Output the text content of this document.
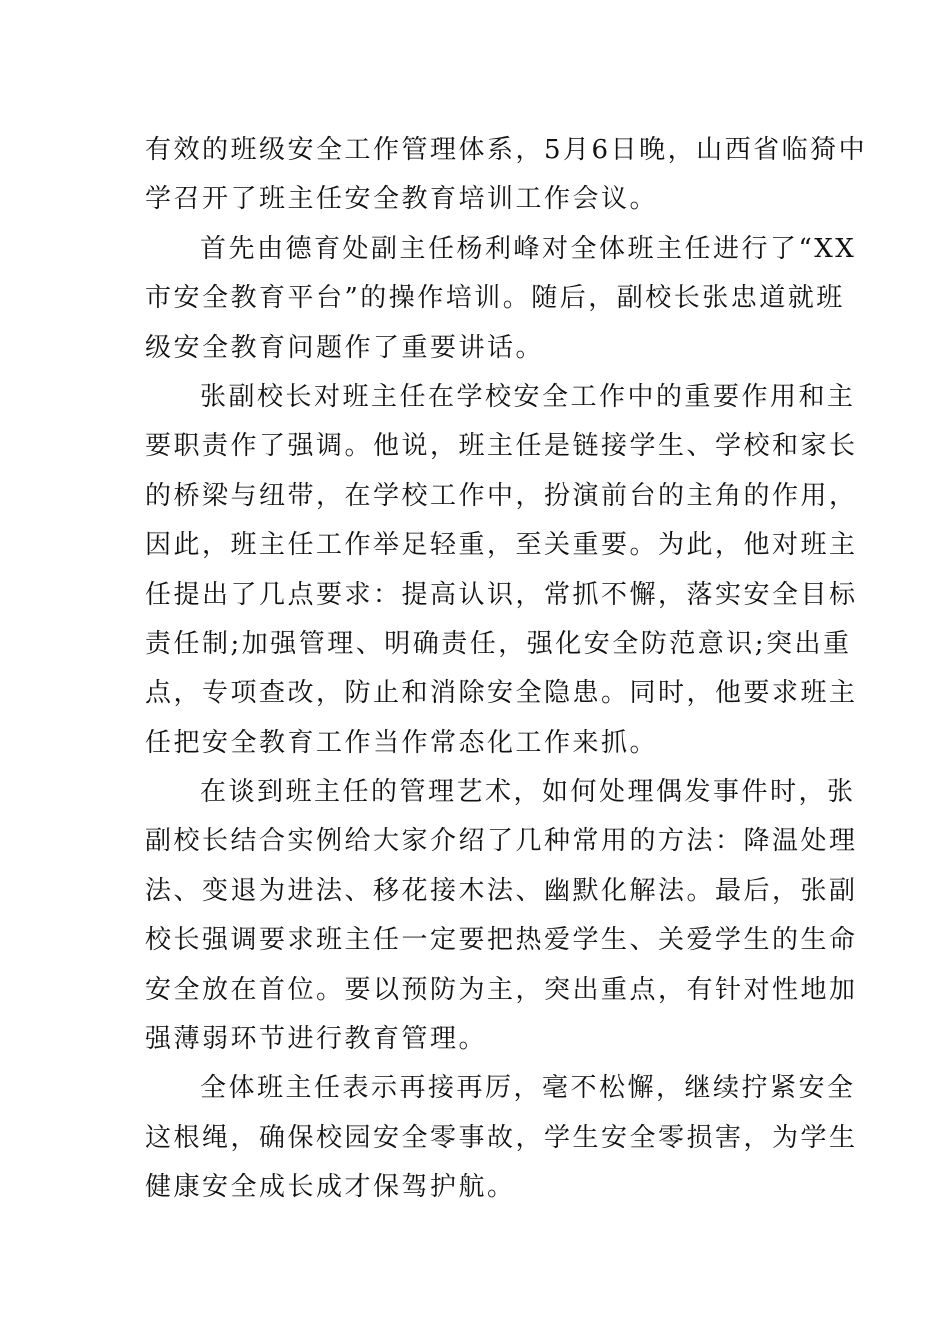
有效的班级安全工作管理体系，5月6日晚，山西省临猗中
学召开了班主任安全教育培训工作会议。
首先由德育处副主任杨利峰对全体班主任进行了“XX
市安全教育平台”的操作培训。随后，副校长张忠道就班
级安全教育问题作了重要讲话。
张副校长对班主任在学校安全工作中的重要作用和主
要职责作了强调。他说，班主任是链接学生、学校和家长
的桥梁与纽带，在学校工作中，扮演前台的主角的作用，
因此，班主任工作举足轻重，至关重要。为此，他对班主
任提出了几点要求：提高认识，常抓不懈，落实安全目标
责任制;加强管理、明确责任，强化安全防范意识;突出重
点，专项查改，防止和消除安全隐患。同时，他要求班主
任把安全教育工作当作常态化工作来抓。
在谈到班主任的管理艺术，如何处理偶发事件时，张
副校长结合实例给大家介绍了几种常用的方法：降温处理
法、变退为进法、移花接木法、幽默化解法。最后，张副
校长强调要求班主任一定要把热爱学生、关爱学生的生命
安全放在首位。要以预防为主，突出重点，有针对性地加
强薄弱环节进行教育管理。
全体班主任表示再接再厉，毫不松懈，继续拧紧安全
这根绳，确保校园安全零事故，学生安全零损害，为学生
健康安全成长成才保驾护航。
